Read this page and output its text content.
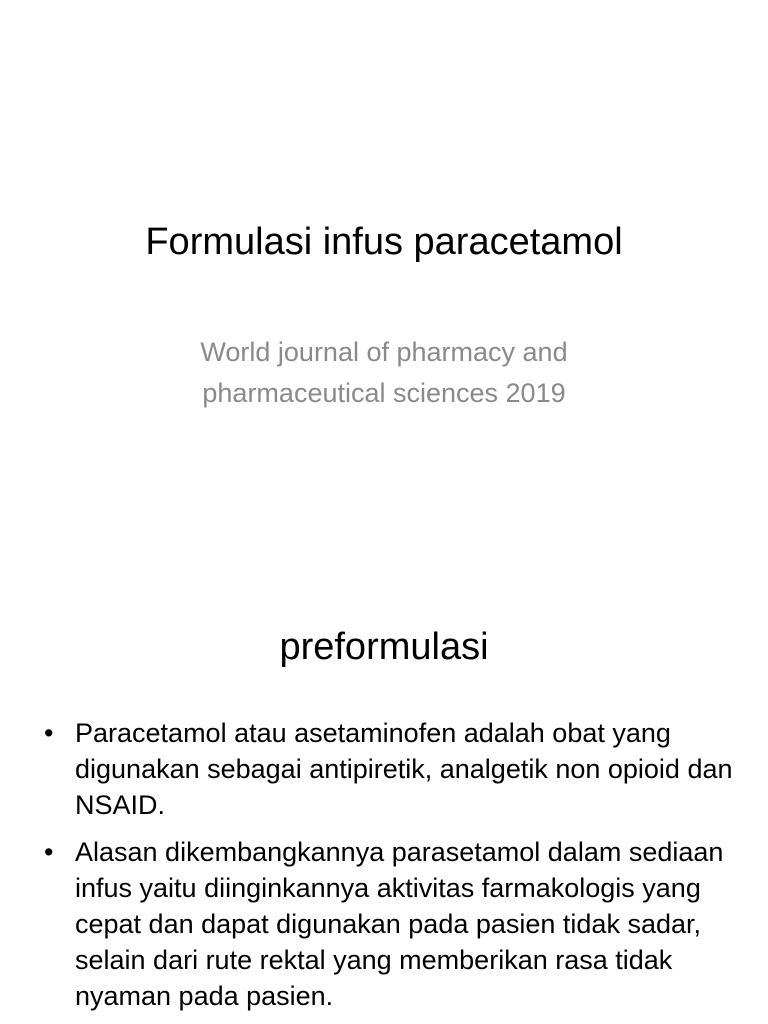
Formulasi infus paracetamol
World journal of pharmacy and
pharmaceutical sciences 2019
preformulasi
• Paracetamol atau asetaminofen adalah obat yang digunakan sebagai antipiretik, analgetik non opioid dan NSAID.
• Alasan dikembangkannya parasetamol dalam sediaan infus yaitu diinginkannya aktivitas farmakologis yang cepat dan dapat digunakan pada pasien tidak sadar, selain dari rute rektal yang memberikan rasa tidak nyaman pada pasien.
